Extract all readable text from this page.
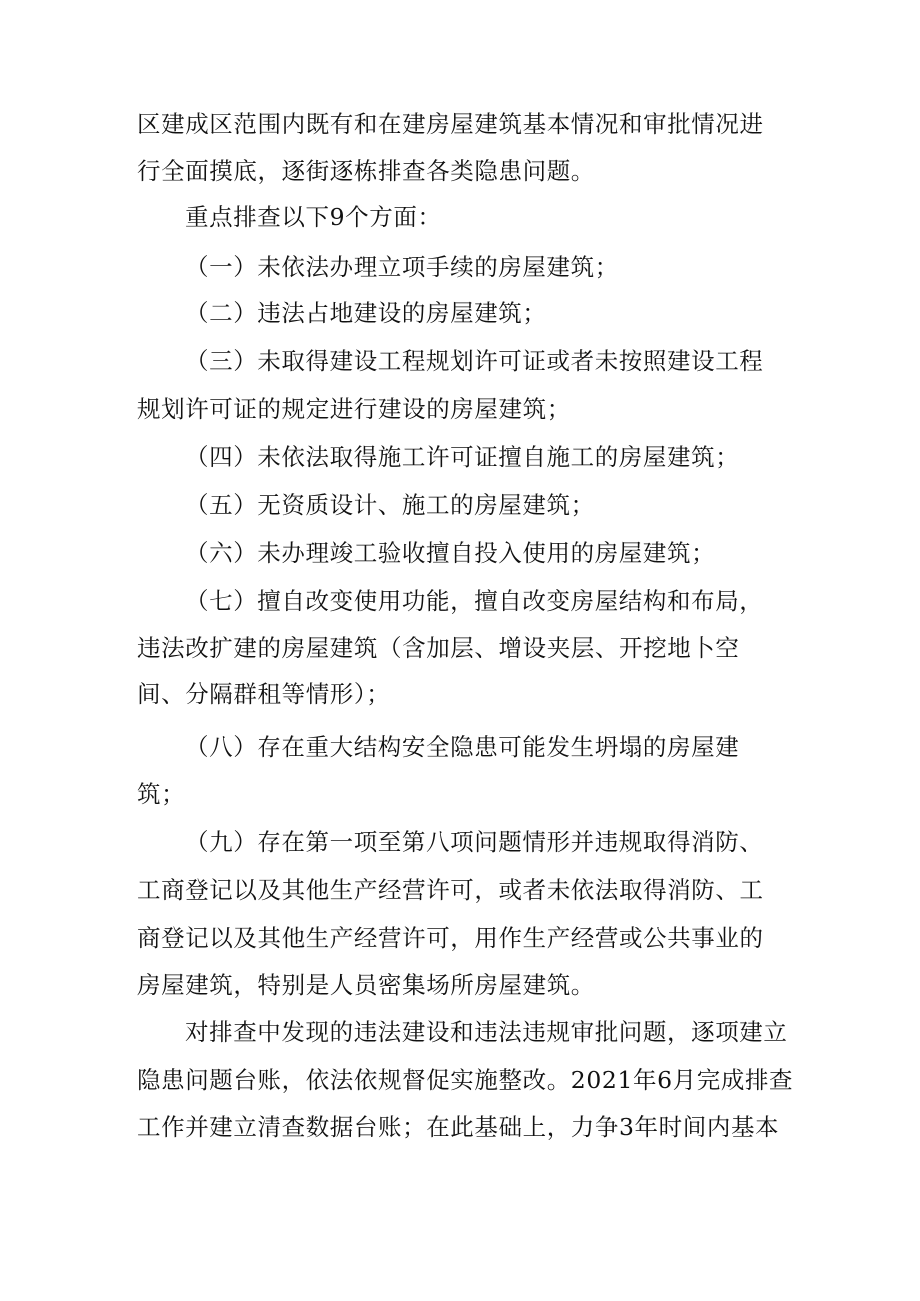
区建成区范围内既有和在建房屋建筑基本情况和审批情况进
行全面摸底，逐街逐栋排查各类隐患问题。
重点排查以下9个方面：
（一）未依法办理立项手续的房屋建筑；
（二）违法占地建设的房屋建筑；
（三）未取得建设工程规划许可证或者未按照建设工程
规划许可证的规定进行建设的房屋建筑；
（四）未依法取得施工许可证擅自施工的房屋建筑；
（五）无资质设计、施工的房屋建筑；
（六）未办理竣工验收擅自投入使用的房屋建筑；
（七）擅自改变使用功能，擅自改变房屋结构和布局，
违法改扩建的房屋建筑（含加层、增设夹层、开挖地卜空
间、分隔群租等情形）；
（八）存在重大结构安全隐患可能发生坍塌的房屋建
筑；
（九）存在第一项至第八项问题情形并违规取得消防、
工商登记以及其他生产经营许可，或者未依法取得消防、工
商登记以及其他生产经营许可，用作生产经营或公共事业的
房屋建筑，特别是人员密集场所房屋建筑。
对排查中发现的违法建设和违法违规审批问题，逐项建立
隐患问题台账，依法依规督促实施整改。2021年6月完成排查
工作并建立清查数据台账；在此基础上，力争3年时间内基本
